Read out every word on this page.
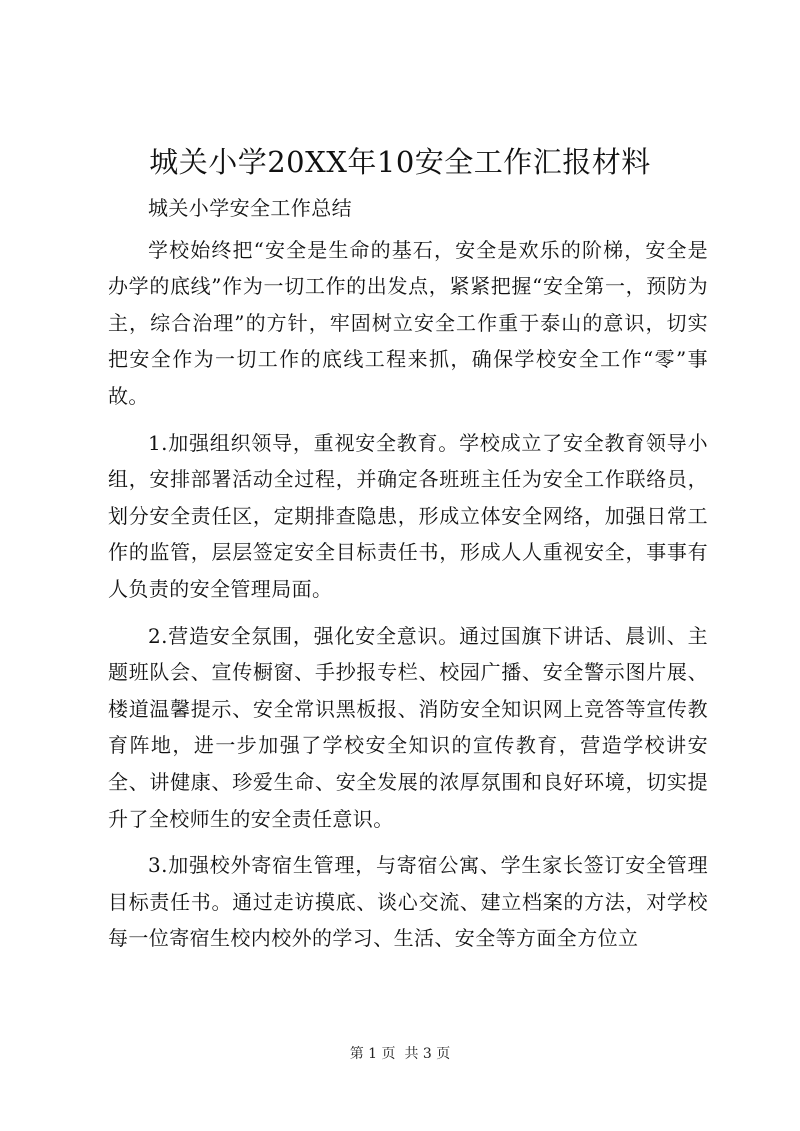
城关小学20XX年10安全工作汇报材料

城关小学安全工作总结

学校始终把“安全是生命的基石，安全是欢乐的阶梯，安全是办学的底线”作为一切工作的出发点，紧紧把握“安全第一，预防为主，综合治理”的方针，牢固树立安全工作重于泰山的意识，切实把安全作为一切工作的底线工程来抓，确保学校安全工作“零”事故。

1.加强组织领导，重视安全教育。学校成立了安全教育领导小组，安排部署活动全过程，并确定各班班主任为安全工作联络员，划分安全责任区，定期排查隐患，形成立体安全网络，加强日常工作的监管，层层签定安全目标责任书，形成人人重视安全，事事有人负责的安全管理局面。

2.营造安全氛围，强化安全意识。通过国旗下讲话、晨训、主题班队会、宣传橱窗、手抄报专栏、校园广播、安全警示图片展、楼道温馨提示、安全常识黑板报、消防安全知识网上竞答等宣传教育阵地，进一步加强了学校安全知识的宣传教育，营造学校讲安全、讲健康、珍爱生命、安全发展的浓厚氛围和良好环境，切实提升了全校师生的安全责任意识。

3.加强校外寄宿生管理，与寄宿公寓、学生家长签订安全管理目标责任书。通过走访摸底、谈心交流、建立档案的方法，对学校每一位寄宿生校内校外的学习、生活、安全等方面全方位立

第 1 页  共 3 页
